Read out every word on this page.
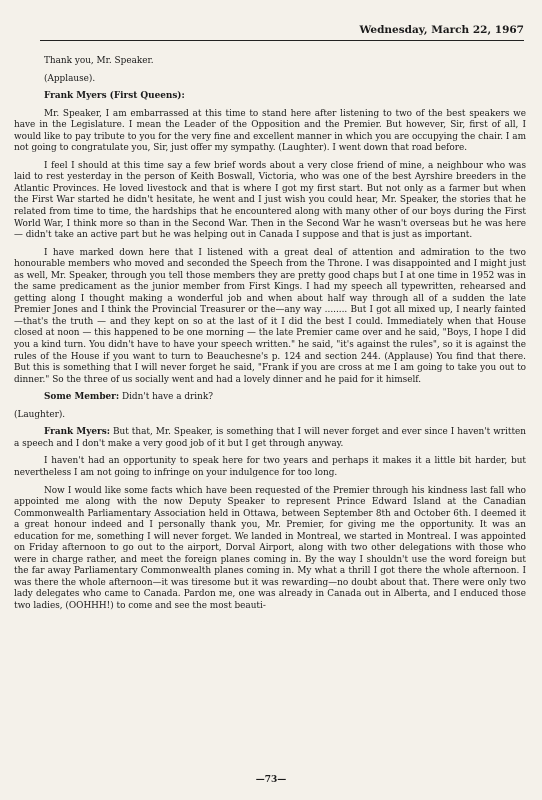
Wednesday, March 22, 1967

Thank you, Mr. Speaker.

(Applause).

Frank Myers (First Queens):

Mr. Speaker, I am embarrassed at this time to stand here after listening to two of the best speakers we have in the Legislature. I mean the Leader of the Opposition and the Premier. But however, Sir, first of all, I would like to pay tribute to you for the very fine and excellent manner in which you are occupying the chair. I am not going to congratulate you, Sir, just offer my sympathy. (Laughter). I went down that road before.

I feel I should at this time say a few brief words about a very close friend of mine, a neighbour who was laid to rest yesterday in the person of Keith Boswall, Victoria, who was one of the best Ayrshire breeders in the Atlantic Provinces. He loved livestock and that is where I got my first start. But not only as a farmer but when the First War started he didn't hesitate, he went and I just wish you could hear, Mr. Speaker, the stories that he related from time to time, the hardships that he encountered along with many other of our boys during the First World War, I think more so than in the Second War. Then in the Second War he wasn't overseas but he was here — didn't take an active part but he was helping out in Canada I suppose and that is just as important.

I have marked down here that I listened with a great deal of attention and admiration to the two honourable members who moved and seconded the Speech from the Throne. I was disappointed and I might just as well, Mr. Speaker, through you tell those members they are pretty good chaps but I at one time in 1952 was in the same predicament as the junior member from First Kings. I had my speech all typewritten, rehearsed and getting along I thought making a wonderful job and when about half way through all of a sudden the late Premier Jones and I think the Provincial Treasurer or the—any way ........ But I got all mixed up, I nearly fainted—that's the truth — and they kept on so at the last of it I did the best I could. Immediately when that House closed at noon — this happened to be one morning — the late Premier came over and he said, "Boys, I hope I did you a kind turn. You didn't have to have your speech written." he said, "it's against the rules", so it is against the rules of the House if you want to turn to Beauchesne's p. 124 and section 244. (Applause) You find that there. But this is something that I will never forget he said, "Frank if you are cross at me I am going to take you out to dinner." So the three of us socially went and had a lovely dinner and he paid for it himself.

Some Member: Didn't have a drink?

(Laughter).

Frank Myers: But that, Mr. Speaker, is something that I will never forget and ever since I haven't written a speech and I don't make a very good job of it but I get through anyway.

I haven't had an opportunity to speak here for two years and perhaps it makes it a little bit harder, but nevertheless I am not going to infringe on your indulgence for too long.

Now I would like some facts which have been requested of the Premier through his kindness last fall who appointed me along with the now Deputy Speaker to represent Prince Edward Island at the Canadian Commonwealth Parliamentary Association held in Ottawa, between September 8th and October 6th. I deemed it a great honour indeed and I personally thank you, Mr. Premier, for giving me the opportunity. It was an education for me, something I will never forget. We landed in Montreal, we started in Montreal. I was appointed on Friday afternoon to go out to the airport, Dorval Airport, along with two other delegations with those who were in charge rather, and meet the foreign planes coming in. By the way I shouldn't use the word foreign but the far away Parliamentary Commonwealth planes coming in. My what a thrill I got there the whole afternoon. I was there the whole afternoon—it was tiresome but it was rewarding—no doubt about that. There were only two lady delegates who came to Canada. Pardon me, one was already in Canada out in Alberta, and I enduced those two ladies, (OOHHH!) to come and see the most beauti-

—73—
